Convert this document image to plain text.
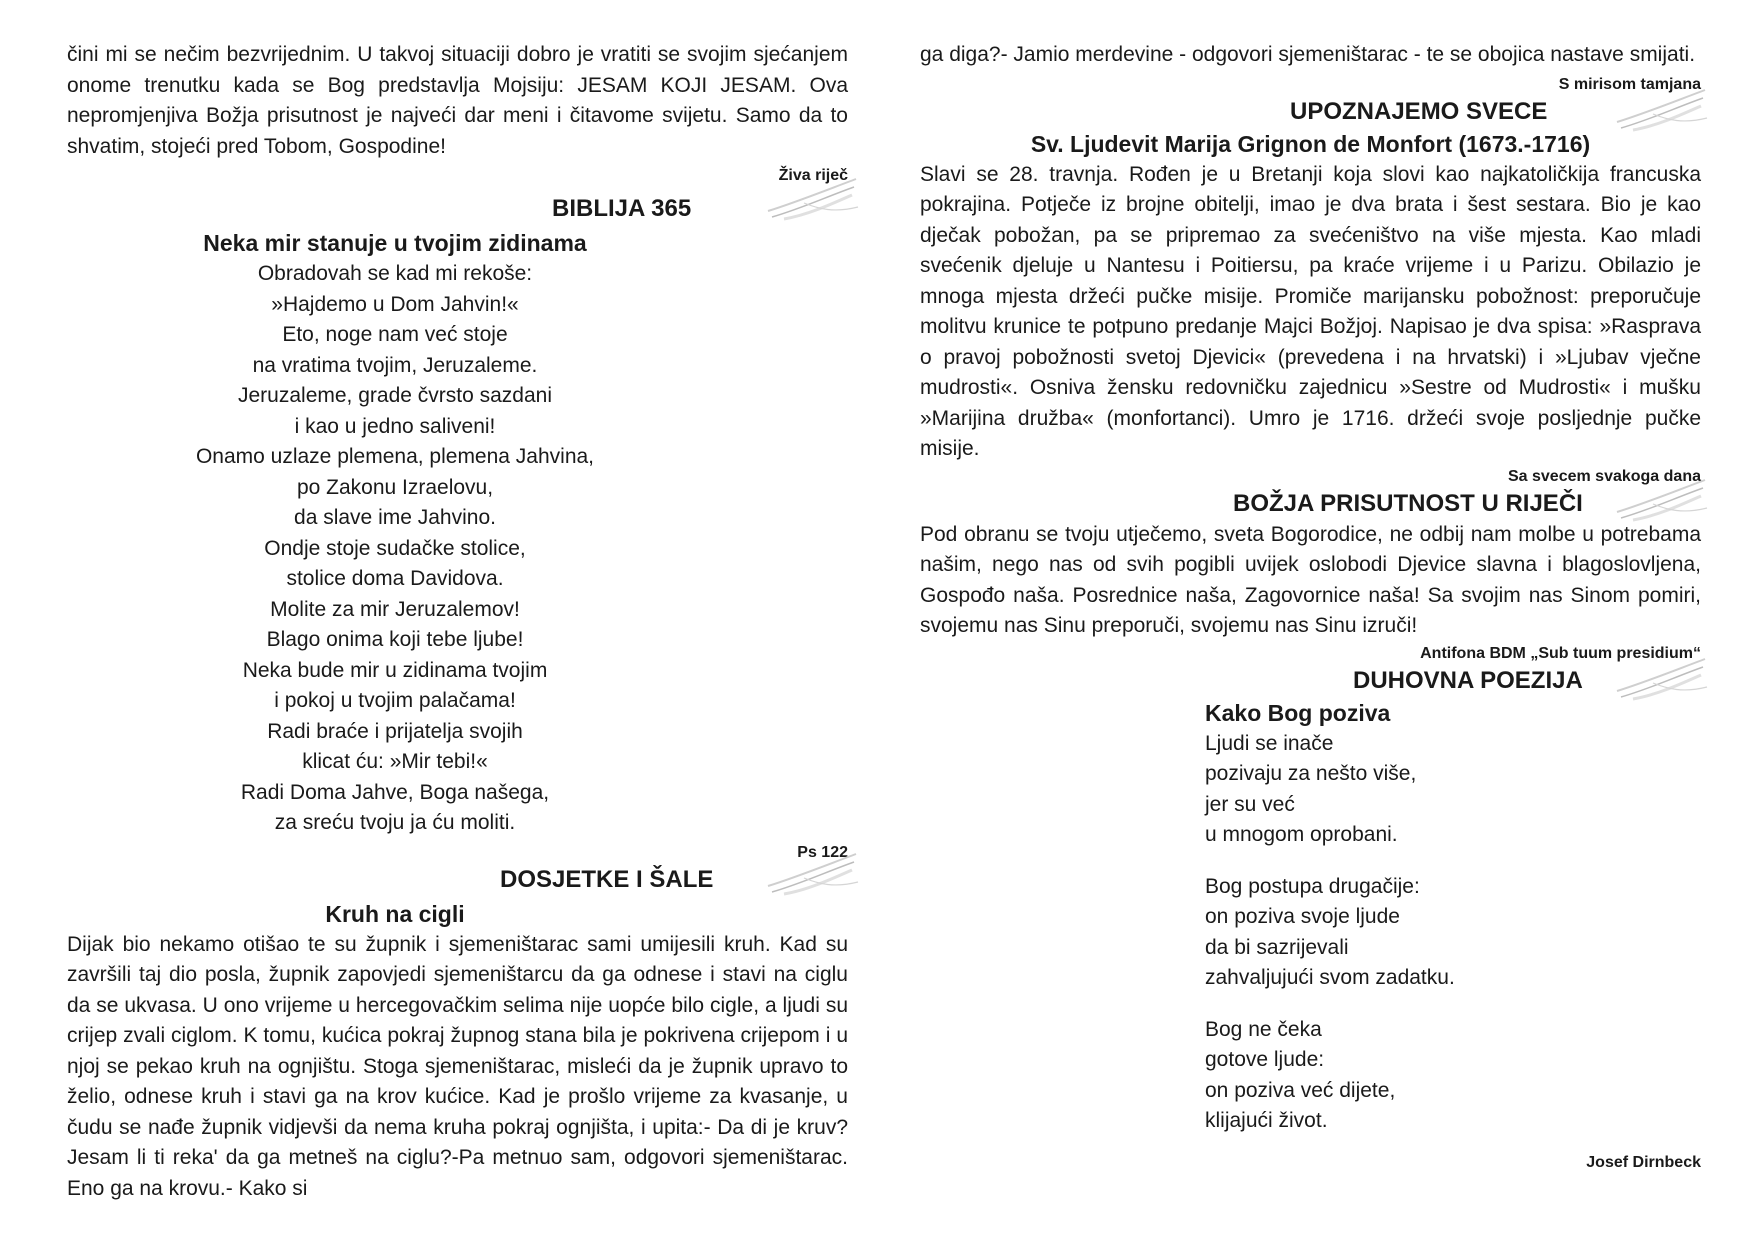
čini mi se nečim bezvrijednim. U takvoj situaciji dobro je vratiti se svojim sjećanjem onome trenutku kada se Bog predstavlja Mojsiju: JESAM KOJI JESAM. Ova nepromjenjiva Božja prisutnost je najveći dar meni i čitavome svijetu. Samo da to shvatim, stojeći pred Tobom, Gospodine!

Živa riječ

BIBLIJA 365
Neka mir stanuje u tvojim zidinama
Obradovah se kad mi rekoše:
»Hajdemo u Dom Jahvin!«
Eto, noge nam već stoje
na vratima tvojim, Jeruzaleme.
Jeruzaleme, grade čvrsto sazdani
i kao u jedno saliveni!
Onamo uzlaze plemena, plemena Jahvina,
po Zakonu Izraelovu,
da slave ime Jahvino.
Ondje stoje sudačke stolice,
stolice doma Davidova.
Molite za mir Jeruzalemov!
Blago onima koji tebe ljube!
Neka bude mir u zidinama tvojim
i pokoj u tvojim palačama!
Radi braće i prijatelja svojih
klicat ću: »Mir tebi!«
Radi Doma Jahve, Boga našega,
za sreću tvoju ja ću moliti.

Ps 122

DOSJETKE I ŠALE
Kruh na cigli

Dijak bio nekamo otišao te su župnik i sjemeništarac sami umijesili kruh. Kad su završili taj dio posla, župnik zapovjedi sjemeništarcu da ga odnese i stavi na ciglu da se ukvasa. U ono vrijeme u hercegovačkim selima nije uopće bilo cigle, a ljudi su crijep zvali ciglom. K tomu, kućica pokraj župnog stana bila je pokrivena crijepom i u njoj se pekao kruh na ognjištu. Stoga sjemeništarac, misleći da je župnik upravo to želio, odnese kruh i stavi ga na krov kućice. Kad je prošlo vrijeme za kvasanje, u čudu se nađe župnik vidjevši da nema kruha pokraj ognjišta, i upita:- Da di je kruv? Jesam li ti reka' da ga metneš na ciglu?-Pa metnuo sam, odgovori sjemeništarac. Eno ga na krovu.- Kako si

ga diga?- Jamio merdevine - odgovori sjemeništarac - te se obojica nastave smijati.

S mirisom tamjana

UPOZNAJEMO SVECE
Sv. Ljudevit Marija Grignon de Monfort (1673.-1716)

Slavi se 28. travnja. Rođen je u Bretanji koja slovi kao najkatoličkija francuska pokrajina. Potječe iz brojne obitelji, imao je dva brata i šest sestara. Bio je kao dječak pobožan, pa se pripremao za svećeništvo na više mjesta. Kao mladi svećenik djeluje u Nantesu i Poitiersu, pa kraće vrijeme i u Parizu. Obilazio je mnoga mjesta držeći pučke misije. Promiče marijansku pobožnost: preporučuje molitvu krunice te potpuno predanje Majci Božjoj. Napisao je dva spisa: »Rasprava o pravoj pobožnosti svetoj Djevici« (prevedena i na hrvatski) i »Ljubav vječne mudrosti«. Osniva žensku redovničku zajednicu »Sestre od Mudrosti« i mušku »Marijina družba« (monfortanci). Umro je 1716. držeći svoje posljednje pučke misije.

Sa svecem svakoga dana

BOŽJA PRISUTNOST U RIJEČI

Pod obranu se tvoju utječemo, sveta Bogorodice, ne odbij nam molbe u potrebama našim, nego nas od svih pogibli uvijek oslobodi Djevice slavna i blagoslovljena, Gospođo naša. Posrednice naša, Zagovornice naša! Sa svojim nas Sinom pomiri, svojemu nas Sinu preporuči, svojemu nas Sinu izruči!

Antifona BDM „Sub tuum presidium“

DUHOVNA POEZIJA
Kako Bog poziva
Ljudi se inače
pozivaju za nešto više,
jer su već
u mnogom oprobani.
Bog postupa drugačije:
on poziva svoje ljude
da bi sazrijevali
zahvaljujući svom zadatku.
Bog ne čeka
gotove ljude:
on poziva već dijete,
klijajući život.

Josef Dirnbeck
